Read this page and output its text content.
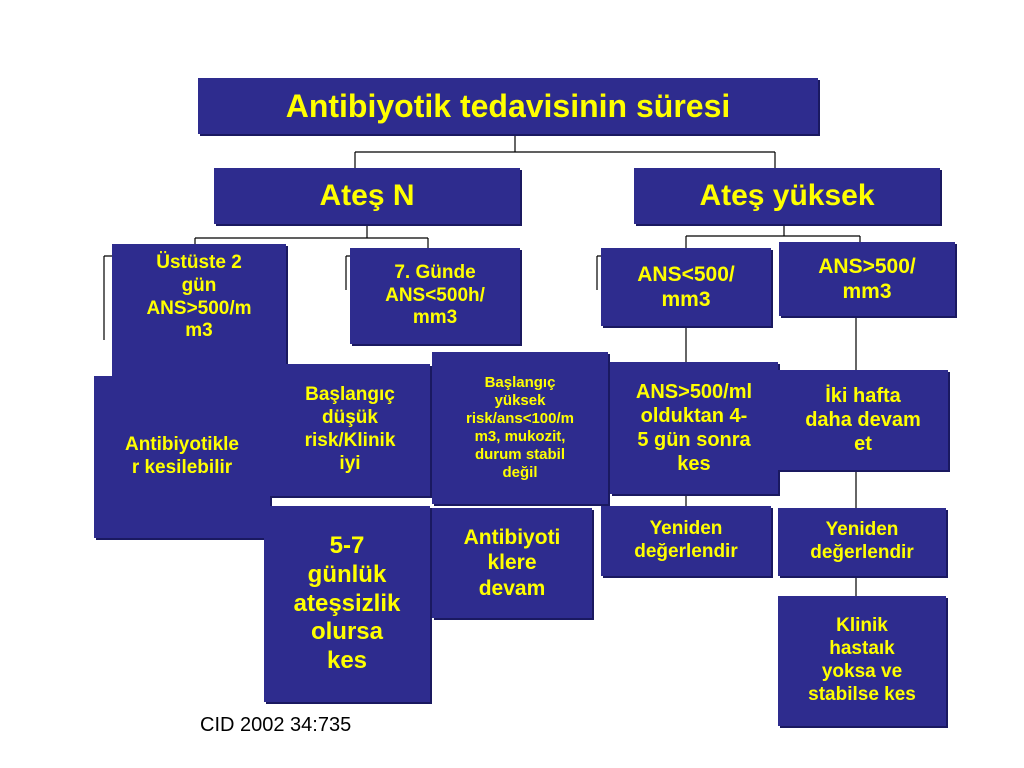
Antibiyotik tedavisinin süresi
Ateş N	Ateş yüksek
Üstüste 2
gün
ANS>500/m
m3
Antibiyotikle
r kesilebilir
7. Günde
ANS<500h/
mm3
Başlangıç
düşük
risk/Klinik
iyi
5-7
günlük
ateşsizlik
olursa
kes
Başlangıç
yüksek
risk/ans<100/m
m3, mukozit,
durum stabil
değil
Antibiyoti
klere
devam
ANS<500/
mm3
ANS>500/ml
olduktan 4-
5 gün sonra
kes
Yeniden
değerlendir
ANS>500/
mm3
İki hafta
daha devam
et
Yeniden
değerlendir
Klinik
hastaık
yoksa ve
stabilse kes
CID 2002 34:735
